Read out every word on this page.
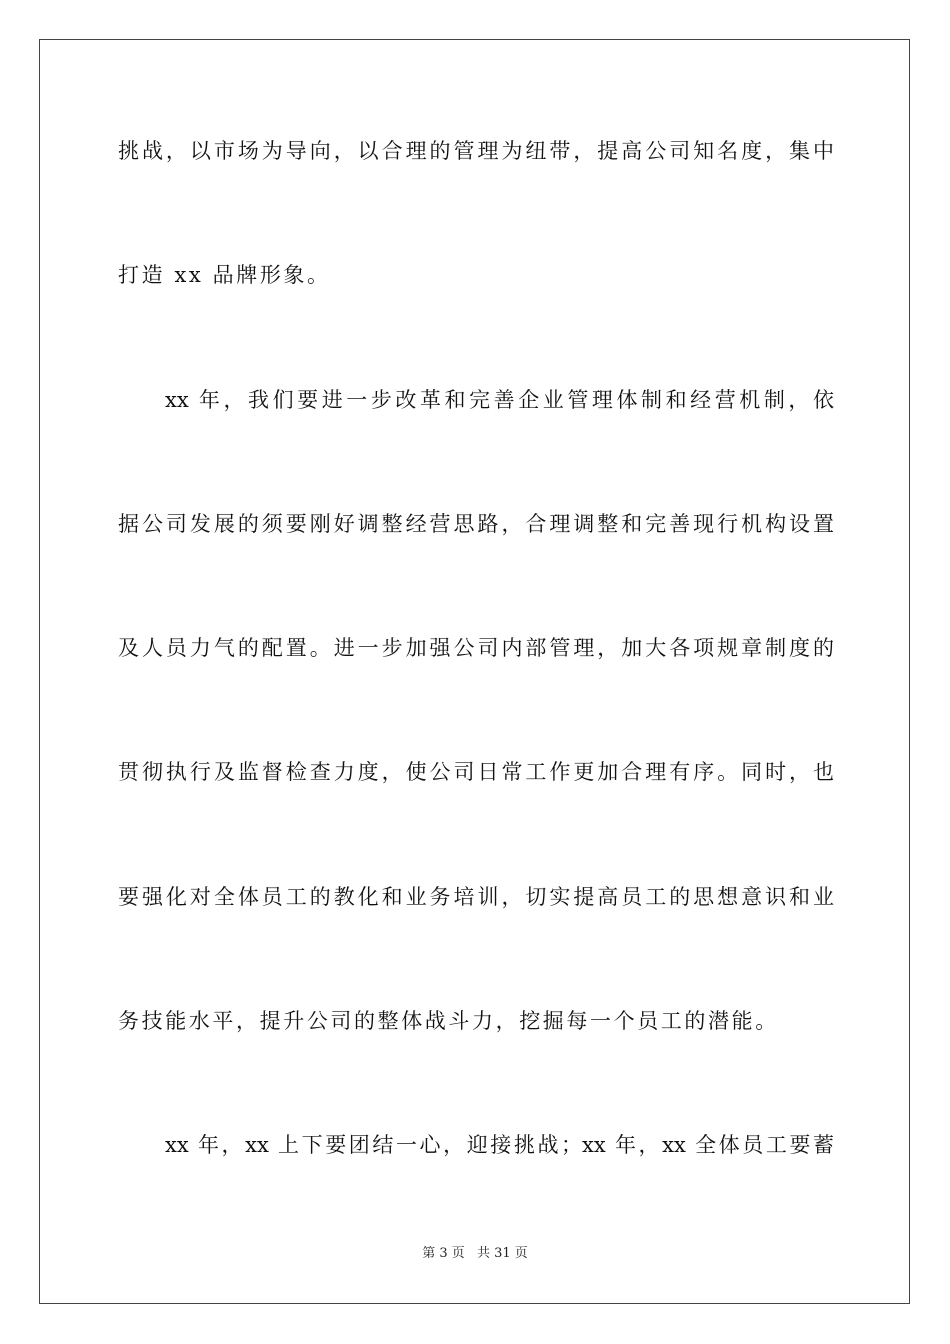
挑战，以市场为导向，以合理的管理为纽带，提高公司知名度，集中
打造 xx 品牌形象。
xx 年，我们要进一步改革和完善企业管理体制和经营机制，依
据公司发展的须要刚好调整经营思路，合理调整和完善现行机构设置
及人员力气的配置。进一步加强公司内部管理，加大各项规章制度的
贯彻执行及监督检查力度，使公司日常工作更加合理有序。同时，也
要强化对全体员工的教化和业务培训，切实提高员工的思想意识和业
务技能水平，提升公司的整体战斗力，挖掘每一个员工的潜能。
xx 年，xx 上下要团结一心，迎接挑战；xx 年，xx 全体员工要蓄
第 3 页 共 31 页
